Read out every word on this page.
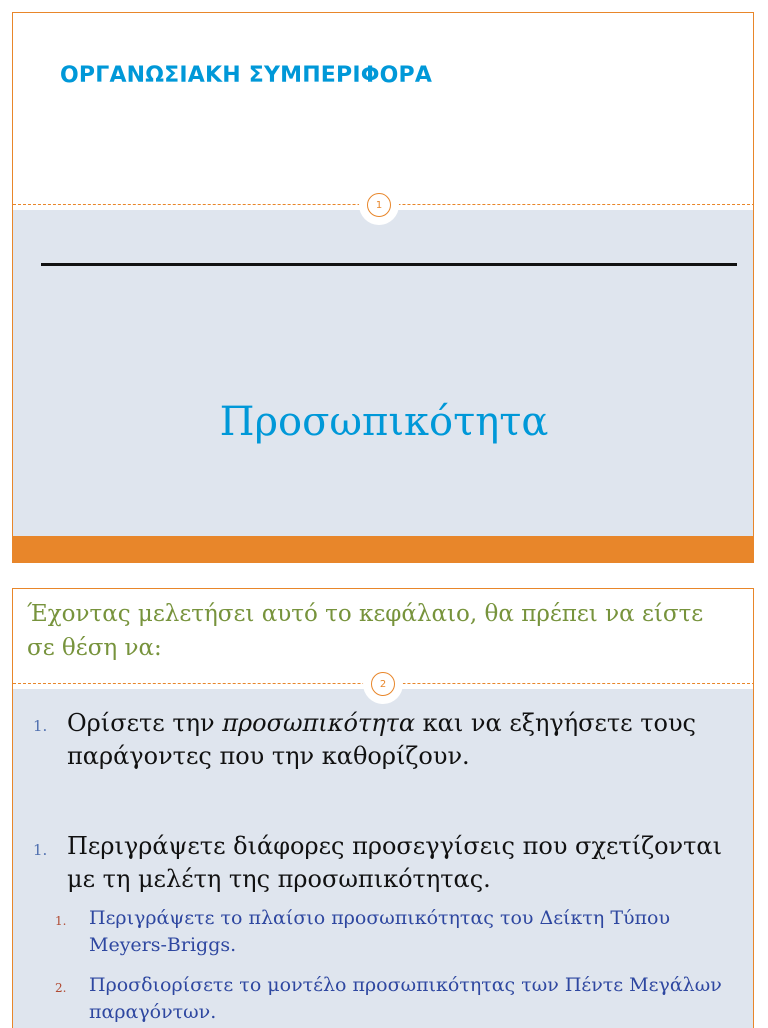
ΟΡΓΑΝΩΣΙΑΚΗ ΣΥΜΠΕΡΙΦΟΡΑ
1
Προσωπικότητα
Έχοντας μελετήσει αυτό το κεφάλαιο, θα πρέπει να είστε σε θέση να:
2
1. Ορίσετε την προσωπικότητα και να εξηγήσετε τους παράγοντες που την καθορίζουν.
1. Περιγράψετε διάφορες προσεγγίσεις που σχετίζονται με τη μελέτη της προσωπικότητας.
1. Περιγράψετε το πλαίσιο προσωπικότητας του Δείκτη Τύπου Meyers-Briggs.
2. Προσδιορίσετε το μοντέλο προσωπικότητας των Πέντε Μεγάλων παραγόντων.
